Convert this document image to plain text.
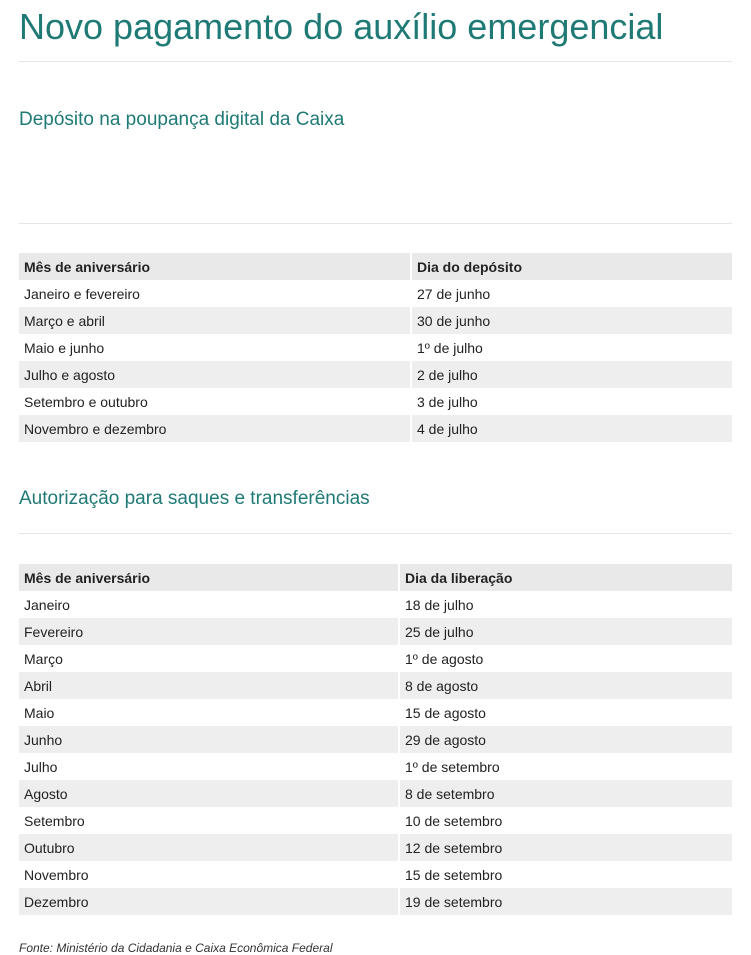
Novo pagamento do auxílio emergencial
Depósito na poupança digital da Caixa
Mês de aniversário	Dia do depósito
Janeiro e fevereiro	27 de junho
Março e abril	30 de junho
Maio e junho	1º de julho
Julho e agosto	2 de julho
Setembro e outubro	3 de julho
Novembro e dezembro	4 de julho
Autorização para saques e transferências
Mês de aniversário	Dia da liberação
Janeiro	18 de julho
Fevereiro	25 de julho
Março	1º de agosto
Abril	8 de agosto
Maio	15 de agosto
Junho	29 de agosto
Julho	1º de setembro
Agosto	8 de setembro
Setembro	10 de setembro
Outubro	12 de setembro
Novembro	15 de setembro
Dezembro	19 de setembro
Fonte: Ministério da Cidadania e Caixa Econômica Federal
